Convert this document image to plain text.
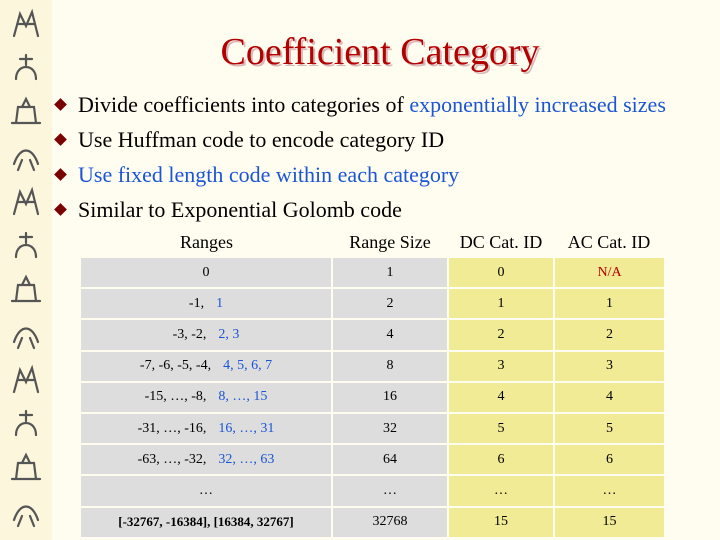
Coefficient Category
Divide coefficients into categories of exponentially increased sizes
Use Huffman code to encode category ID
Use fixed length code within each category
Similar to Exponential Golomb code
Ranges	Range Size	DC Cat. ID	AC Cat. ID
0	1	0	N/A
-1, 1	2	1	1
-3, -2, 2, 3	4	2	2
-7, -6, -5, -4, 4, 5, 6, 7	8	3	3
-15, …, -8, 8, …, 15	16	4	4
-31, …, -16, 16, …, 31	32	5	5
-63, …, -32, 32, …, 63	64	6	6
…	…	…	…
[-32767, -16384], [16384, 32767]	32768	15	15
